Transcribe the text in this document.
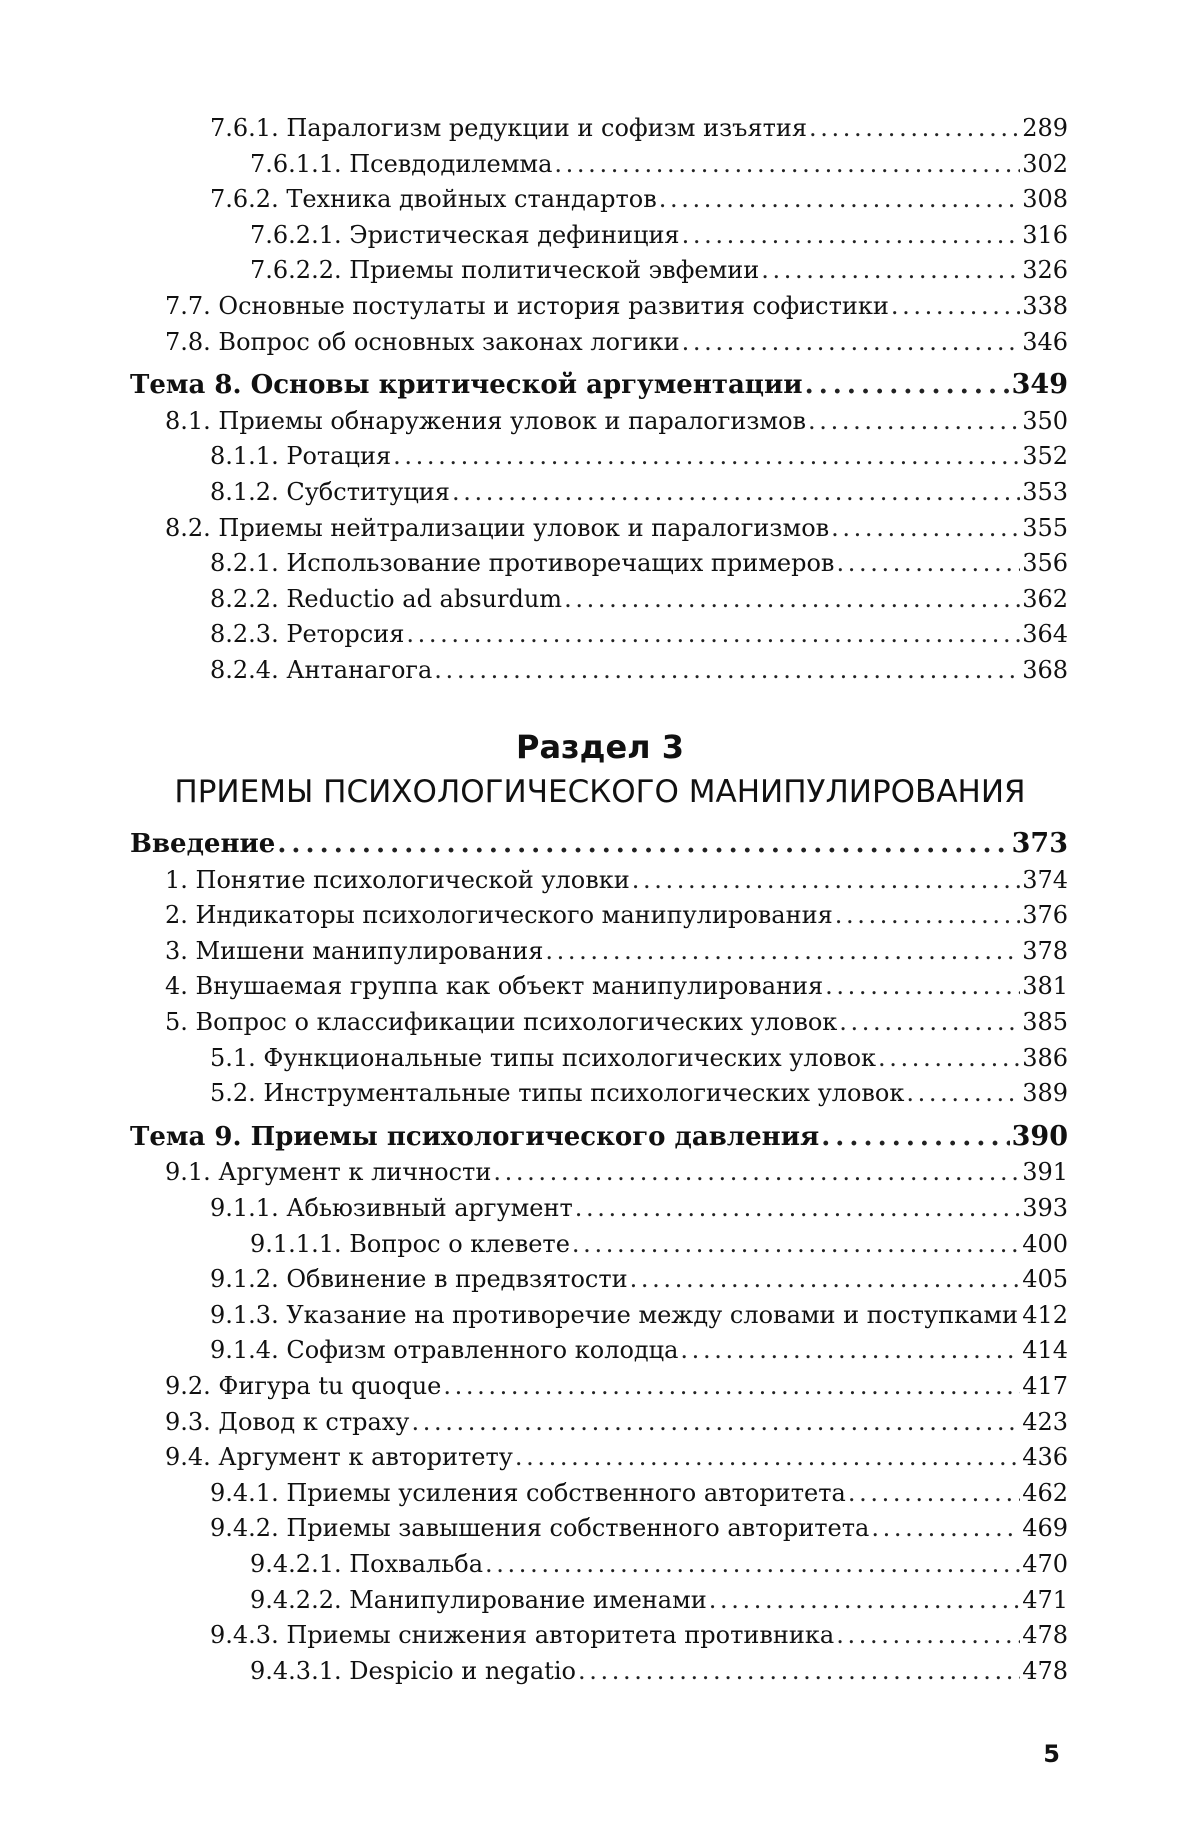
7.6.1. Паралогизм редукции и софизм изъятия . . .	289
7.6.1.1. Псевдодилемма . . .	302
7.6.2. Техника двойных стандартов . . .	308
7.6.2.1. Эристическая дефиниция . . .	316
7.6.2.2. Приемы политической эвфемии . . .	326
7.7. Основные постулаты и история развития софистики . . .	338
7.8. Вопрос об основных законах логики . . .	346
Тема 8. Основы критической аргументации . . .	349
8.1. Приемы обнаружения уловок и паралогизмов . . .	350
8.1.1. Ротация . . .	352
8.1.2. Субституция . . .	353
8.2. Приемы нейтрализации уловок и паралогизмов . . .	355
8.2.1. Использование противоречащих примеров . . .	356
8.2.2. Reductio ad absurdum . . .	362
8.2.3. Реторсия . . .	364
8.2.4. Антанагога . . .	368
Раздел 3
ПРИЕМЫ ПСИХОЛОГИЧЕСКОГО МАНИПУЛИРОВАНИЯ
Введение . . .	373
1. Понятие психологической уловки . . .	374
2. Индикаторы психологического манипулирования . . .	376
3. Мишени манипулирования . . .	378
4. Внушаемая группа как объект манипулирования . . .	381
5. Вопрос о классификации психологических уловок . . .	385
5.1. Функциональные типы психологических уловок . . .	386
5.2. Инструментальные типы психологических уловок . . .	389
Тема 9. Приемы психологического давления . . .	390
9.1. Аргумент к личности . . .	391
9.1.1. Абьюзивный аргумент . . .	393
9.1.1.1. Вопрос о клевете . . .	400
9.1.2. Обвинение в предвзятости . . .	405
9.1.3. Указание на противоречие между словами и поступками . . . 412
9.1.4. Софизм отравленного колодца . . .	414
9.2. Фигура tu quoque . . .	417
9.3. Довод к страху . . .	423
9.4. Аргумент к авторитету . . .	436
9.4.1. Приемы усиления собственного авторитета . . .	462
9.4.2. Приемы завышения собственного авторитета . . .	469
9.4.2.1. Похвальба . . .	470
9.4.2.2. Манипулирование именами . . .	471
9.4.3. Приемы снижения авторитета противника . . .	478
9.4.3.1. Despicio и negatio . . .	478
5
